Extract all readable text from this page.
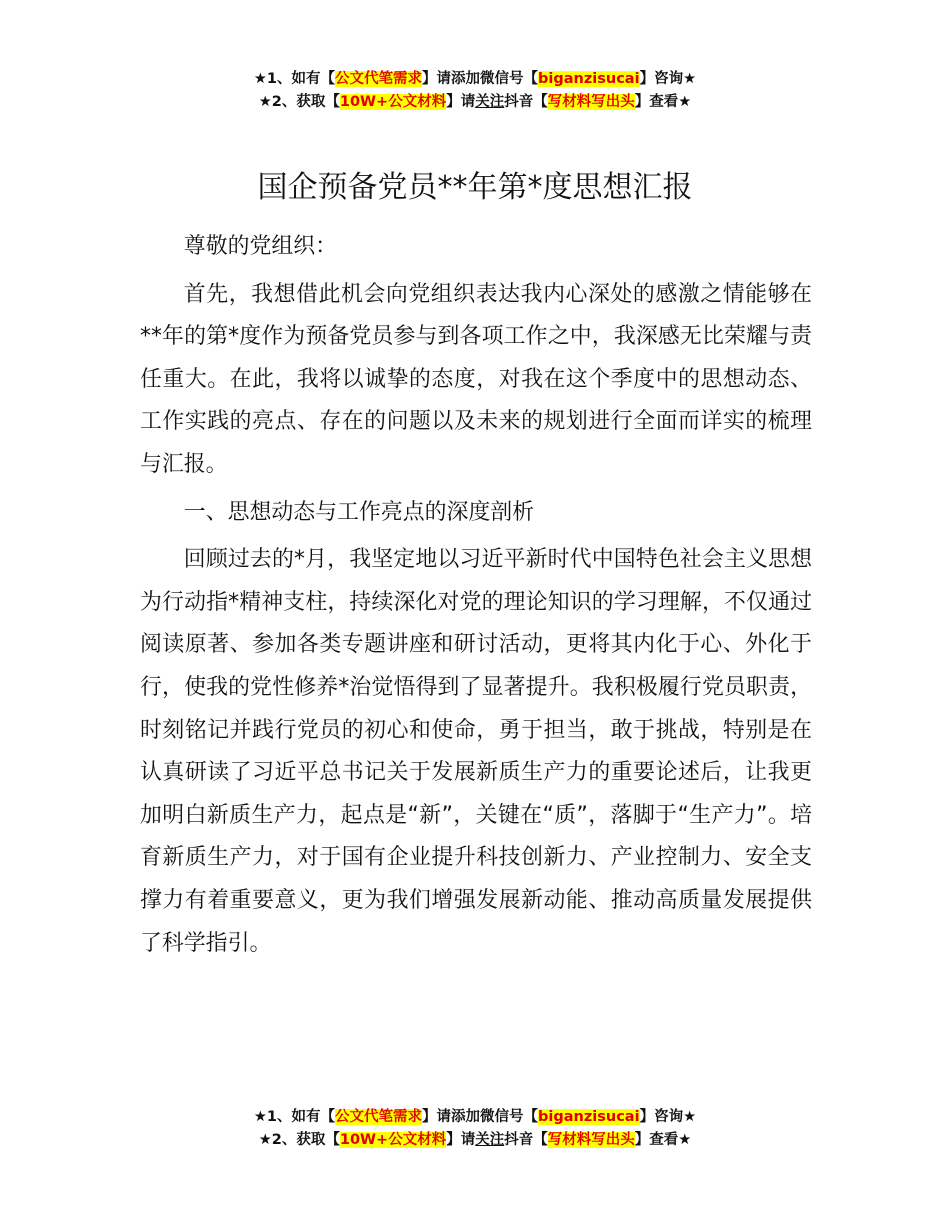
★1、如有【公文代笔需求】请添加微信号【biganzisucai】咨询★
★2、获取【10W+公文材料】请关注抖音【写材料写出头】查看★
国企预备党员**年第*度思想汇报

尊敬的党组织：

首先，我想借此机会向党组织表达我内心深处的感激之情能够在**年的第*度作为预备党员参与到各项工作之中，我深感无比荣耀与责任重大。在此，我将以诚挚的态度，对我在这个季度中的思想动态、工作实践的亮点、存在的问题以及未来的规划进行全面而详实的梳理与汇报。

一、思想动态与工作亮点的深度剖析

回顾过去的*月，我坚定地以习近平新时代中国特色社会主义思想为行动指*精神支柱，持续深化对党的理论知识的学习理解，不仅通过阅读原著、参加各类专题讲座和研讨活动，更将其内化于心、外化于行，使我的党性修养*治觉悟得到了显著提升。我积极履行党员职责，时刻铭记并践行党员的初心和使命，勇于担当，敢于挑战，特别是在认真研读了习近平总书记关于发展新质生产力的重要论述后，让我更加明白新质生产力，起点是“新”，关键在“质”，落脚于“生产力”。培育新质生产力，对于国有企业提升科技创新力、产业控制力、安全支撑力有着重要意义，更为我们增强发展新动能、推动高质量发展提供了科学指引。

★1、如有【公文代笔需求】请添加微信号【biganzisucai】咨询★
★2、获取【10W+公文材料】请关注抖音【写材料写出头】查看★
